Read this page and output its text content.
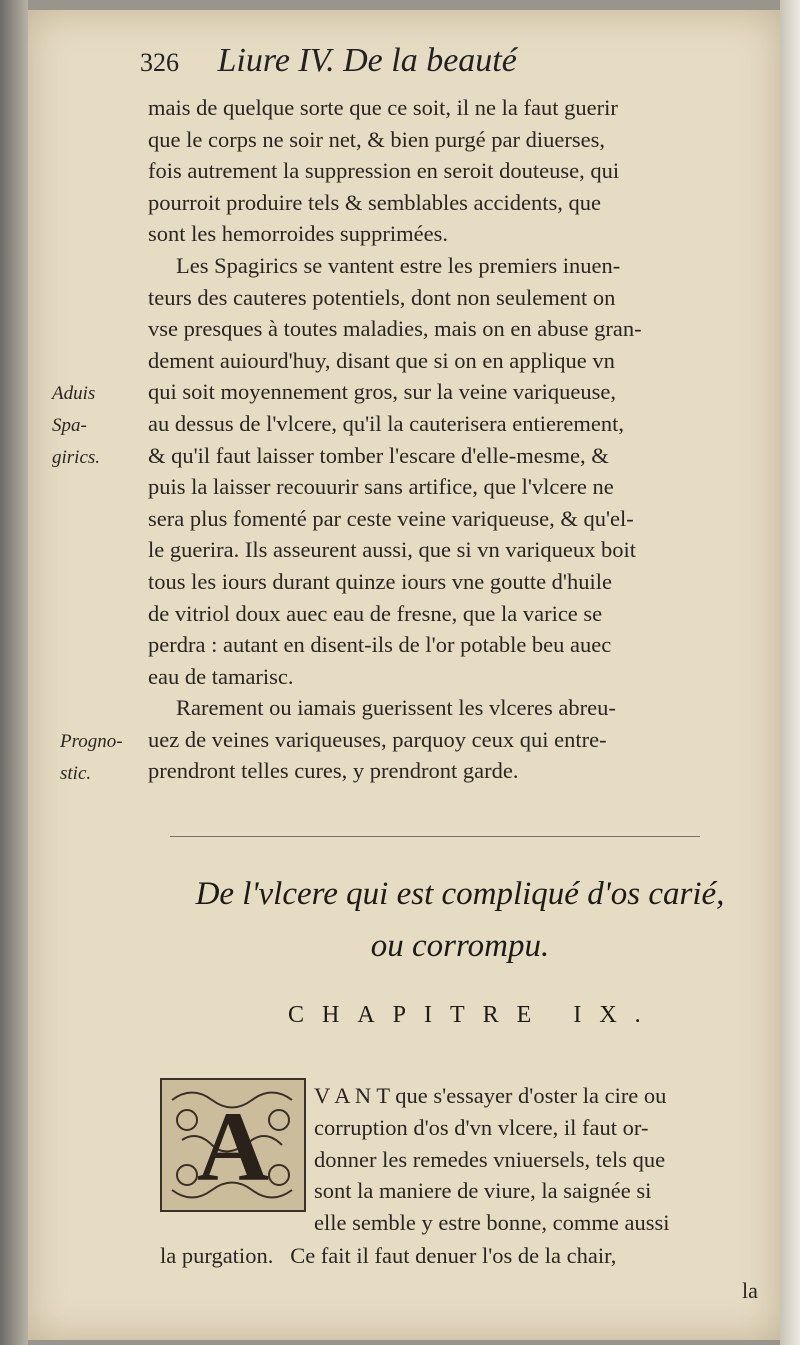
326 Liure IV. De la beauté
mais de quelque sorte que ce soit, il ne la faut guerir
que le corps ne soir net, & bien purgé par diuerses,
fois autrement la suppression en seroit douteuse, qui
pourroit produire tels & semblables accidents, que
sont les hemorroides supprimées.
Les Spagirics se vantent estre les premiers inuen-
teurs des cauteres potentiels, dont non seulement on
vse presques à toutes maladies, mais on en abuse gran-
dement auiourd'huy, disant que si on en applique vn
qui soit moyennement gros, sur la veine variqueuse,
au dessus de l'vlcere, qu'il la cauterisera entierement,
& qu'il faut laisser tomber l'escare d'elle-mesme, &
puis la laisser recouurir sans artifice, que l'vlcere ne
sera plus fomenté par ceste veine variqueuse, & qu'el-
le guerira. Ils asseurent aussi, que si vn variqueux boit
tous les iours durant quinze iours vne goutte d'huile
de vitriol doux auec eau de fresne, que la varice se
perdra : autant en disent-ils de l'or potable beu auec
eau de tamarisc.
Rarement ou iamais guerissent les vlceres abreu-
uez de veines variqueuses, parquoy ceux qui entre-
prendront telles cures, y prendront garde.
Aduis
Spa-
girics.
Progno-
stic.
De l'vlcere qui est compliqué d'os carié,
ou corrompu.
CHAPITRE IX.
A V A N T que s'essayer d'oster la cire ou
corruption d'os d'vn vlcere, il faut or-
donner les remedes vniuersels, tels que
sont la maniere de viure, la saignée si
elle semble y estre bonne, comme aussi
la purgation.   Ce fait il faut denuer l'os de la chair,
la
